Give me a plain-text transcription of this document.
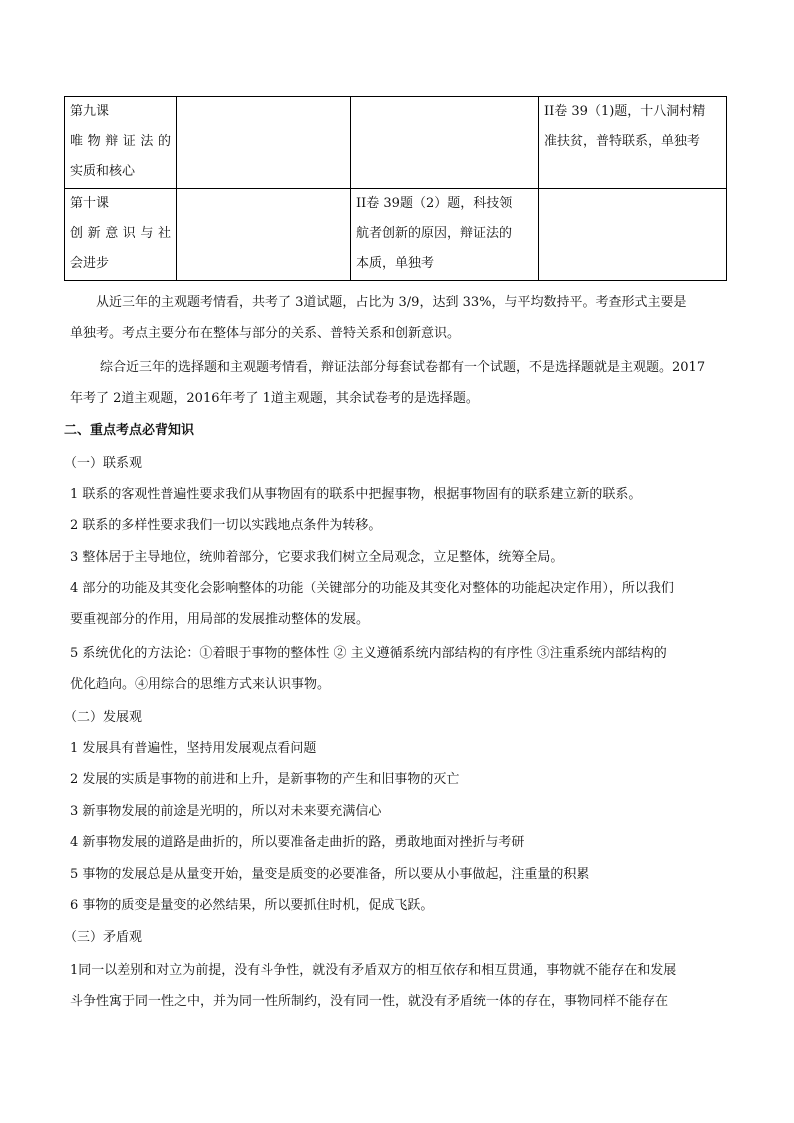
第九课
唯物辩证法的
实质和核心			II卷 39（1)题，十八洞村精
准扶贫，普特联系，单独考

第十课
创新意识与社
会进步		II卷 39题（2）题，科技领
航者创新的原因，辩证法的
本质，单独考	

从近三年的主观题考情看，共考了 3道试题，占比为 3/9，达到 33%，与平均数持平。考查形式主要是
单独考。考点主要分布在整体与部分的关系、普特关系和创新意识。
综合近三年的选择题和主观题考情看，辩证法部分每套试卷都有一个试题，不是选择题就是主观题。2017
年考了 2道主观题，2016年考了 1道主观题，其余试卷考的是选择题。
二、重点考点必背知识
（一）联系观
1 联系的客观性普遍性要求我们从事物固有的联系中把握事物，根据事物固有的联系建立新的联系。
2 联系的多样性要求我们一切以实践地点条件为转移。
3 整体居于主导地位，统帅着部分，它要求我们树立全局观念，立足整体，统筹全局。
4 部分的功能及其变化会影响整体的功能（关键部分的功能及其变化对整体的功能起决定作用），所以我们
要重视部分的作用，用局部的发展推动整体的发展。
5 系统优化的方法论：①着眼于事物的整体性 ② 主义遵循系统内部结构的有序性 ③注重系统内部结构的
优化趋向。④用综合的思维方式来认识事物。
（二）发展观
1 发展具有普遍性，坚持用发展观点看问题
2 发展的实质是事物的前进和上升，是新事物的产生和旧事物的灭亡
3 新事物发展的前途是光明的，所以对未来要充满信心
4 新事物发展的道路是曲折的，所以要准备走曲折的路，勇敢地面对挫折与考研
5 事物的发展总是从量变开始，量变是质变的必要准备，所以要从小事做起，注重量的积累
6 事物的质变是量变的必然结果，所以要抓住时机，促成飞跃。
（三）矛盾观
1同一以差别和对立为前提，没有斗争性，就没有矛盾双方的相互依存和相互贯通，事物就不能存在和发展
斗争性寓于同一性之中，并为同一性所制约，没有同一性，就没有矛盾统一体的存在，事物同样不能存在
